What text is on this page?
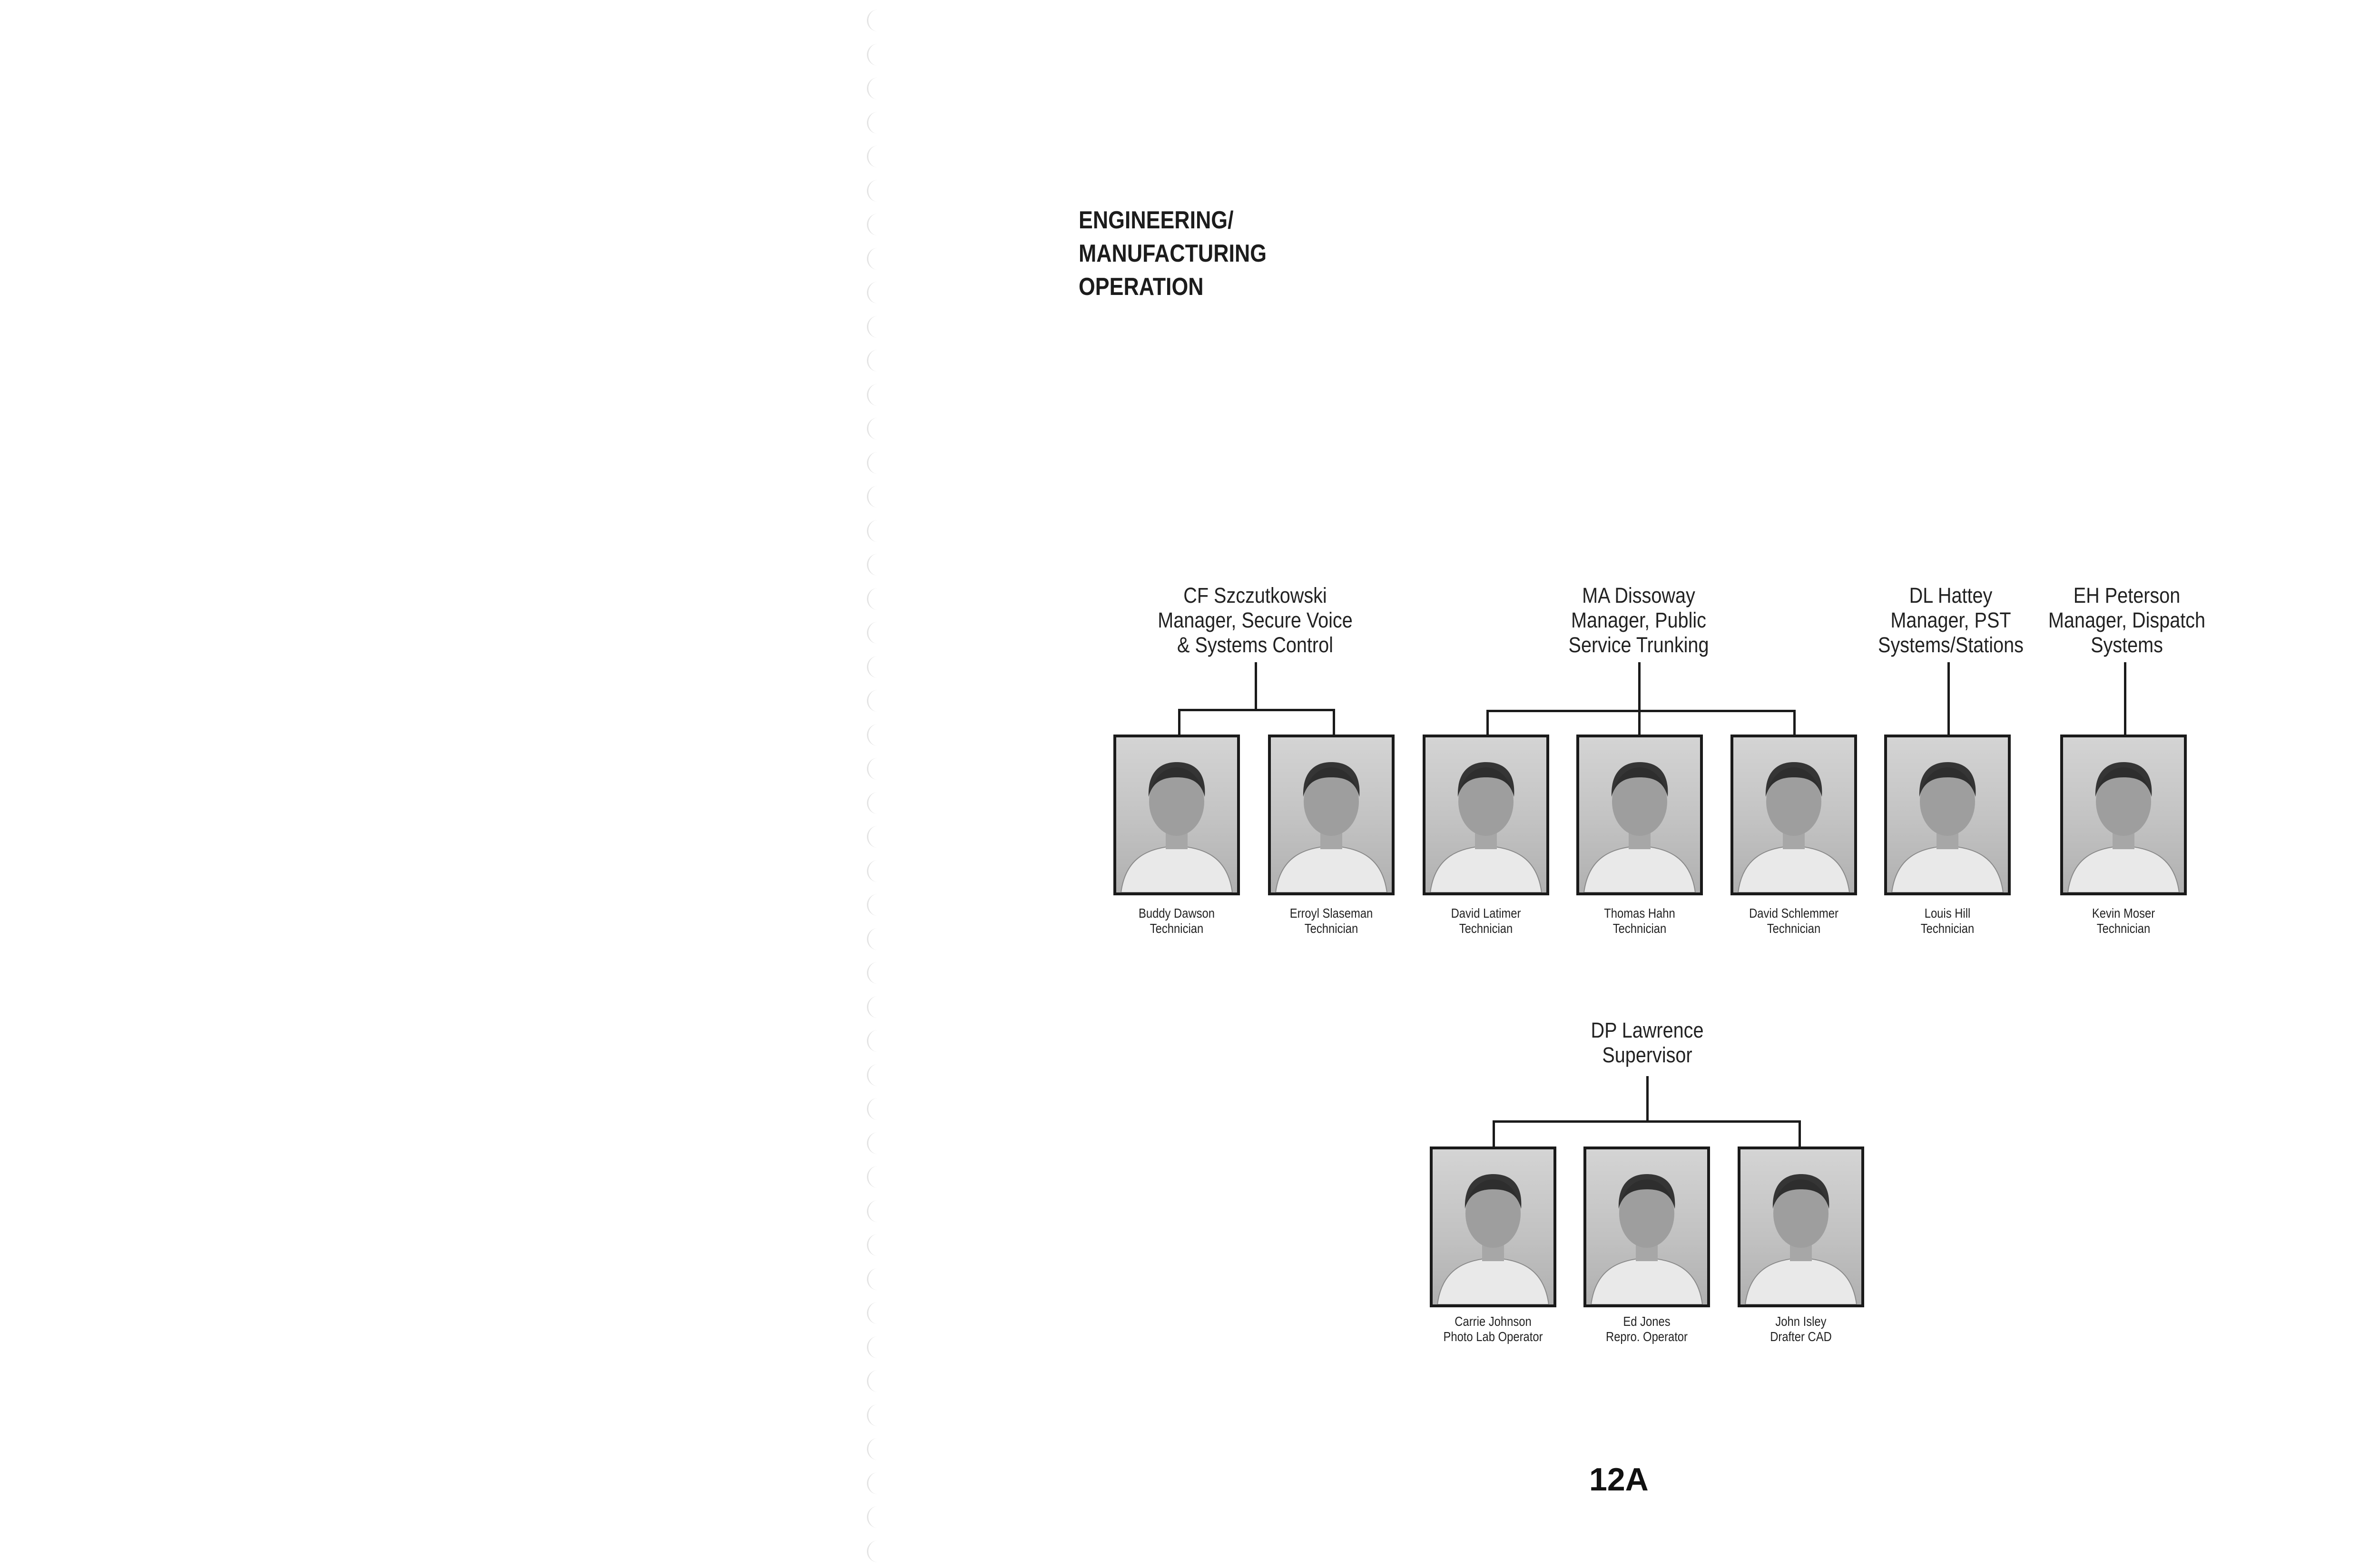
ENGINEERING/
MANUFACTURING
OPERATION
CF Szczutkowski
Manager, Secure Voice
& Systems Control
MA Dissoway
Manager, Public
Service Trunking
DL Hattey
Manager, PST
Systems/Stations
EH Peterson
Manager, Dispatch
Systems
DP Lawrence
Supervisor
Buddy Dawson
Technician
Erroyl Slaseman
Technician
David Latimer
Technician
Thomas Hahn
Technician
David Schlemmer
Technician
Louis Hill
Technician
Kevin Moser
Technician
Carrie Johnson
Photo Lab Operator
Ed Jones
Repro. Operator
John Isley
Drafter CAD
12A
